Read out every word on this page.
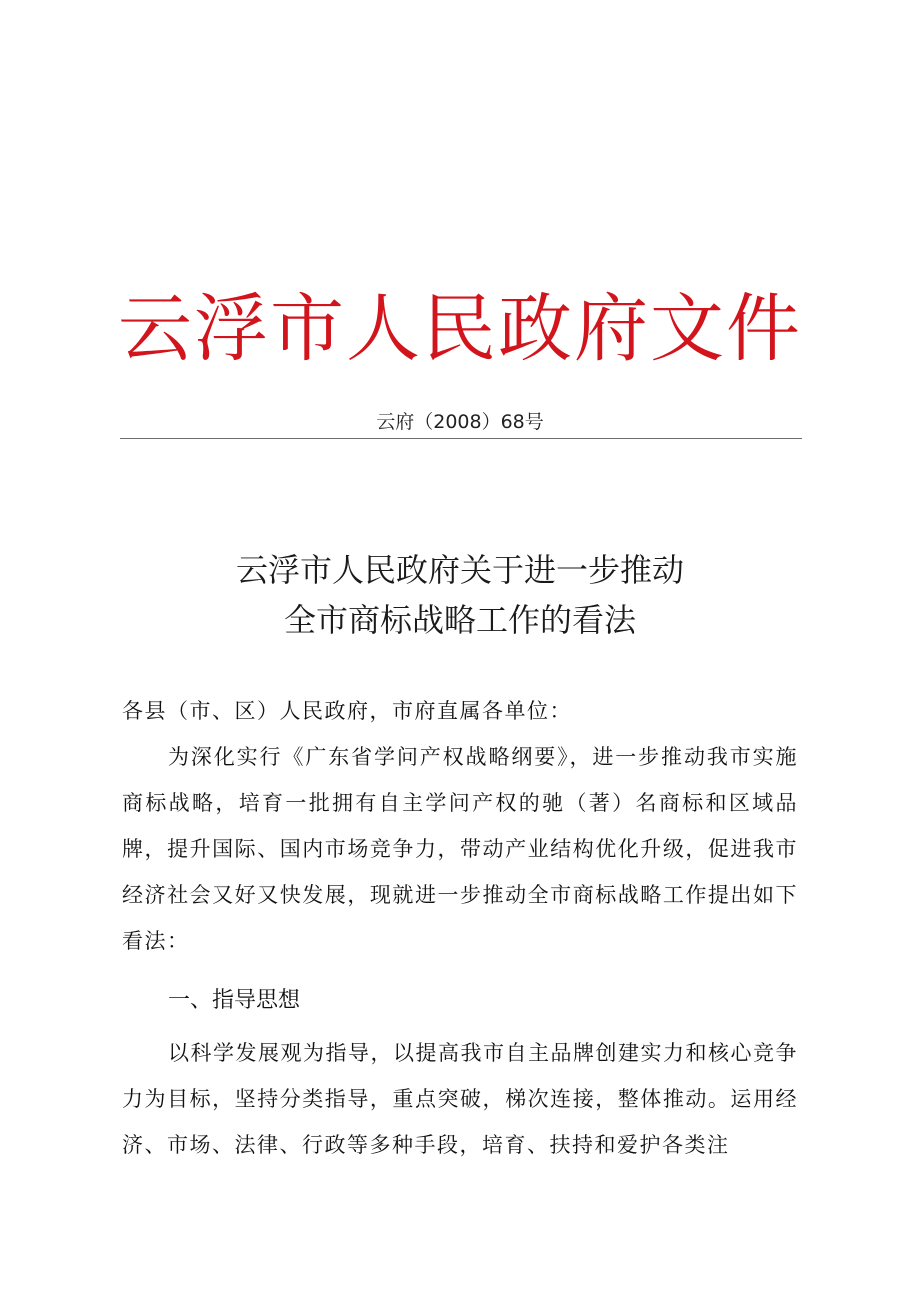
云浮市人民政府文件
云府（2008）68号
云浮市人民政府关于进一步推动
全市商标战略工作的看法
各县（市、区）人民政府，市府直属各单位：
为深化实行《广东省学问产权战略纲要》，进一步推动我市实施商标战略，培育一批拥有自主学问产权的驰（著）名商标和区域品牌，提升国际、国内市场竞争力，带动产业结构优化升级，促进我市经济社会又好又快发展，现就进一步推动全市商标战略工作提出如下看法：
一、指导思想
以科学发展观为指导，以提高我市自主品牌创建实力和核心竞争力为目标，坚持分类指导，重点突破，梯次连接，整体推动。运用经济、市场、法律、行政等多种手段，培育、扶持和爱护各类注
